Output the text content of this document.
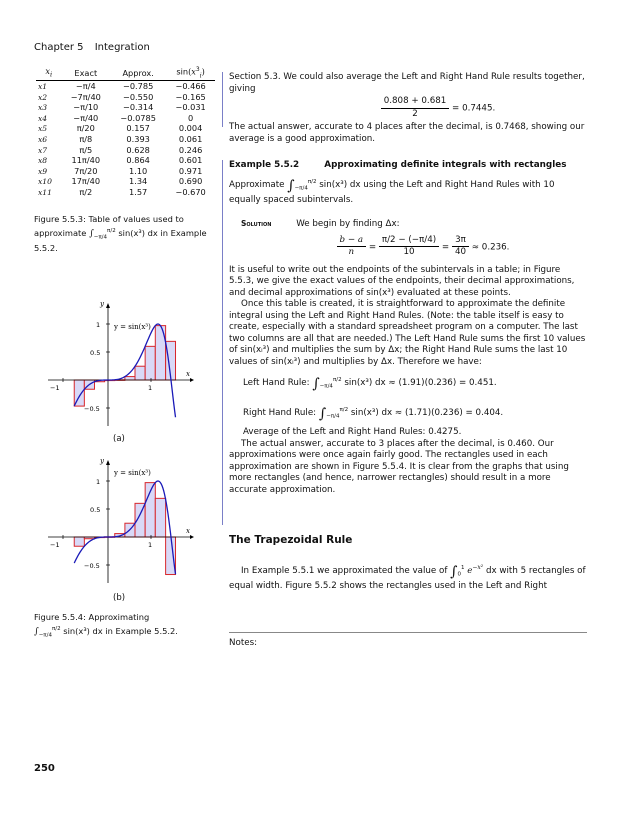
Chapter 5 Integration
$x_i$	Exact	Approx.	$\sin(x^3_i)$
x1	−π/4	−0.785	−0.466
x2	−7π/40	−0.550	−0.165
x3	−π/10	−0.314	−0.031
x4	−π/40	−0.0785	0
x5	π/20	0.157	0.004
x6	π/8	0.393	0.061
x7	π/5	0.628	0.246
x8	11π/40	0.864	0.601
x9	7π/20	1.10	0.971
x10	17π/40	1.34	0.690
x11	π/2	1.57	−0.670
Figure 5.5.3: Table of values used to approximate $\int_{-\pi/4}^{\pi/2}$ sin(x³) dx in Example 5.5.2.
y
x
y = sin(x³)
1
0.5
−0.5
−1	1
(a)
y
x
y = sin(x³)
1
0.5
−0.5
−1	1
(b)
Figure 5.5.4: Approximating
$\int_{-\pi/4}^{\pi/2}$ sin(x³) dx in Example 5.5.2.

Section 5.3. We could also average the Left and Right Hand Rule results together, giving

$\frac{0.808 + 0.681}{2} = 0.7445$.

The actual answer, accurate to 4 places after the decimal, is 0.7468, showing our average is a good approximation.

Example 5.5.2	Approximating definite integrals with rectangles

Approximate $\int_{-\pi/4}^{\pi/2}$ sin(x³) dx using the Left and Right Hand Rules with 10 equally spaced subintervals.

Solution	We begin by finding Δx:
$\frac{b - a}{n} = \frac{\pi/2 - (-\pi/4)}{10} = \frac{3\pi}{40} \approx 0.236$.

It is useful to write out the endpoints of the subintervals in a table; in Figure 5.5.3, we give the exact values of the endpoints, their decimal approximations, and decimal approximations of sin(x³) evaluated at these points.

Once this table is created, it is straightforward to approximate the definite integral using the Left and Right Hand Rules. (Note: the table itself is easy to create, especially with a standard spreadsheet program on a computer. The last two columns are all that are needed.) The Left Hand Rule sums the first 10 values of sin(xᵢ³) and multiplies the sum by Δx; the Right Hand Rule sums the last 10 values of sin(xᵢ³) and multiplies by Δx. Therefore we have:

Left Hand Rule: $\int_{-\pi/4}^{\pi/2}$ sin(x³) dx ≈ (1.91)(0.236) = 0.451.
Right Hand Rule: $\int_{-\pi/4}^{\pi/2}$ sin(x³) dx ≈ (1.71)(0.236) = 0.404.

Average of the Left and Right Hand Rules: 0.4275.

The actual answer, accurate to 3 places after the decimal, is 0.460. Our approximations were once again fairly good. The rectangles used in each approximation are shown in Figure 5.5.4. It is clear from the graphs that using more rectangles (and hence, narrower rectangles) should result in a more accurate approximation.

The Trapezoidal Rule

In Example 5.5.1 we approximated the value of $\int_0^1$ $e^{-x^2}$ dx with 5 rectangles of equal width. Figure 5.5.2 shows the rectangles used in the Left and Right

Notes:
250
